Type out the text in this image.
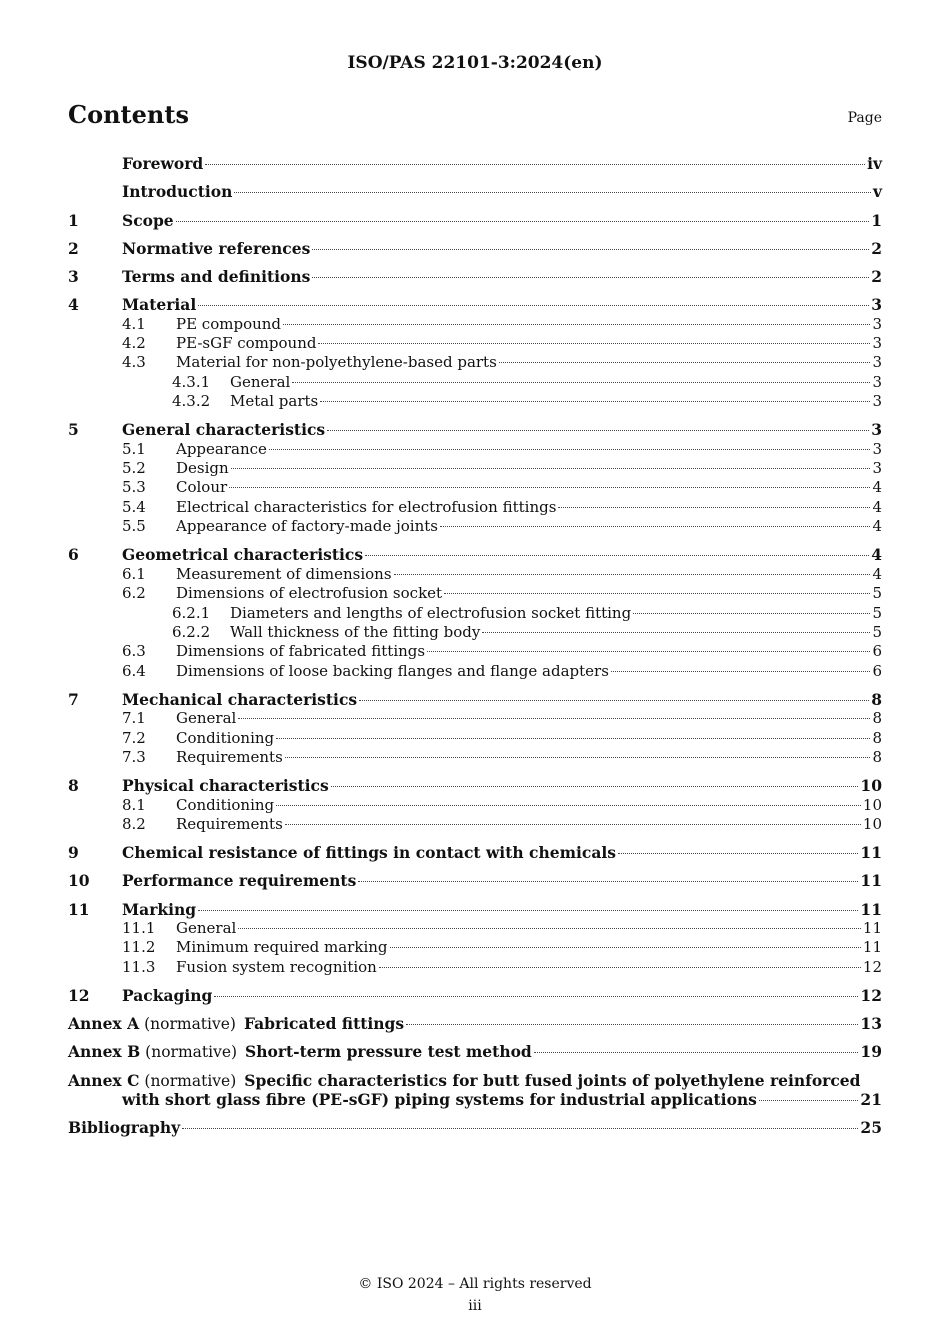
ISO/PAS 22101-3:2024(en)
Contents	Page
Foreword	iv
Introduction	v
1	Scope	1
2	Normative references	2
3	Terms and definitions	2
4	Material	3
4.1	PE compound	3
4.2	PE-sGF compound	3
4.3	Material for non-polyethylene-based parts	3
4.3.1	General	3
4.3.2	Metal parts	3
5	General characteristics	3
5.1	Appearance	3
5.2	Design	3
5.3	Colour	4
5.4	Electrical characteristics for electrofusion fittings	4
5.5	Appearance of factory-made joints	4
6	Geometrical characteristics	4
6.1	Measurement of dimensions	4
6.2	Dimensions of electrofusion socket	5
6.2.1	Diameters and lengths of electrofusion socket fitting	5
6.2.2	Wall thickness of the fitting body	5
6.3	Dimensions of fabricated fittings	6
6.4	Dimensions of loose backing flanges and flange adapters	6
7	Mechanical characteristics	8
7.1	General	8
7.2	Conditioning	8
7.3	Requirements	8
8	Physical characteristics	10
8.1	Conditioning	10
8.2	Requirements	10
9	Chemical resistance of fittings in contact with chemicals	11
10	Performance requirements	11
11	Marking	11
11.1	General	11
11.2	Minimum required marking	11
11.3	Fusion system recognition	12
12	Packaging	12
Annex A (normative) Fabricated fittings	13
Annex B (normative) Short-term pressure test method	19
Annex C (normative) Specific characteristics for butt fused joints of polyethylene reinforced
with short glass fibre (PE-sGF) piping systems for industrial applications	21
Bibliography	25
© ISO 2024 – All rights reserved
iii
